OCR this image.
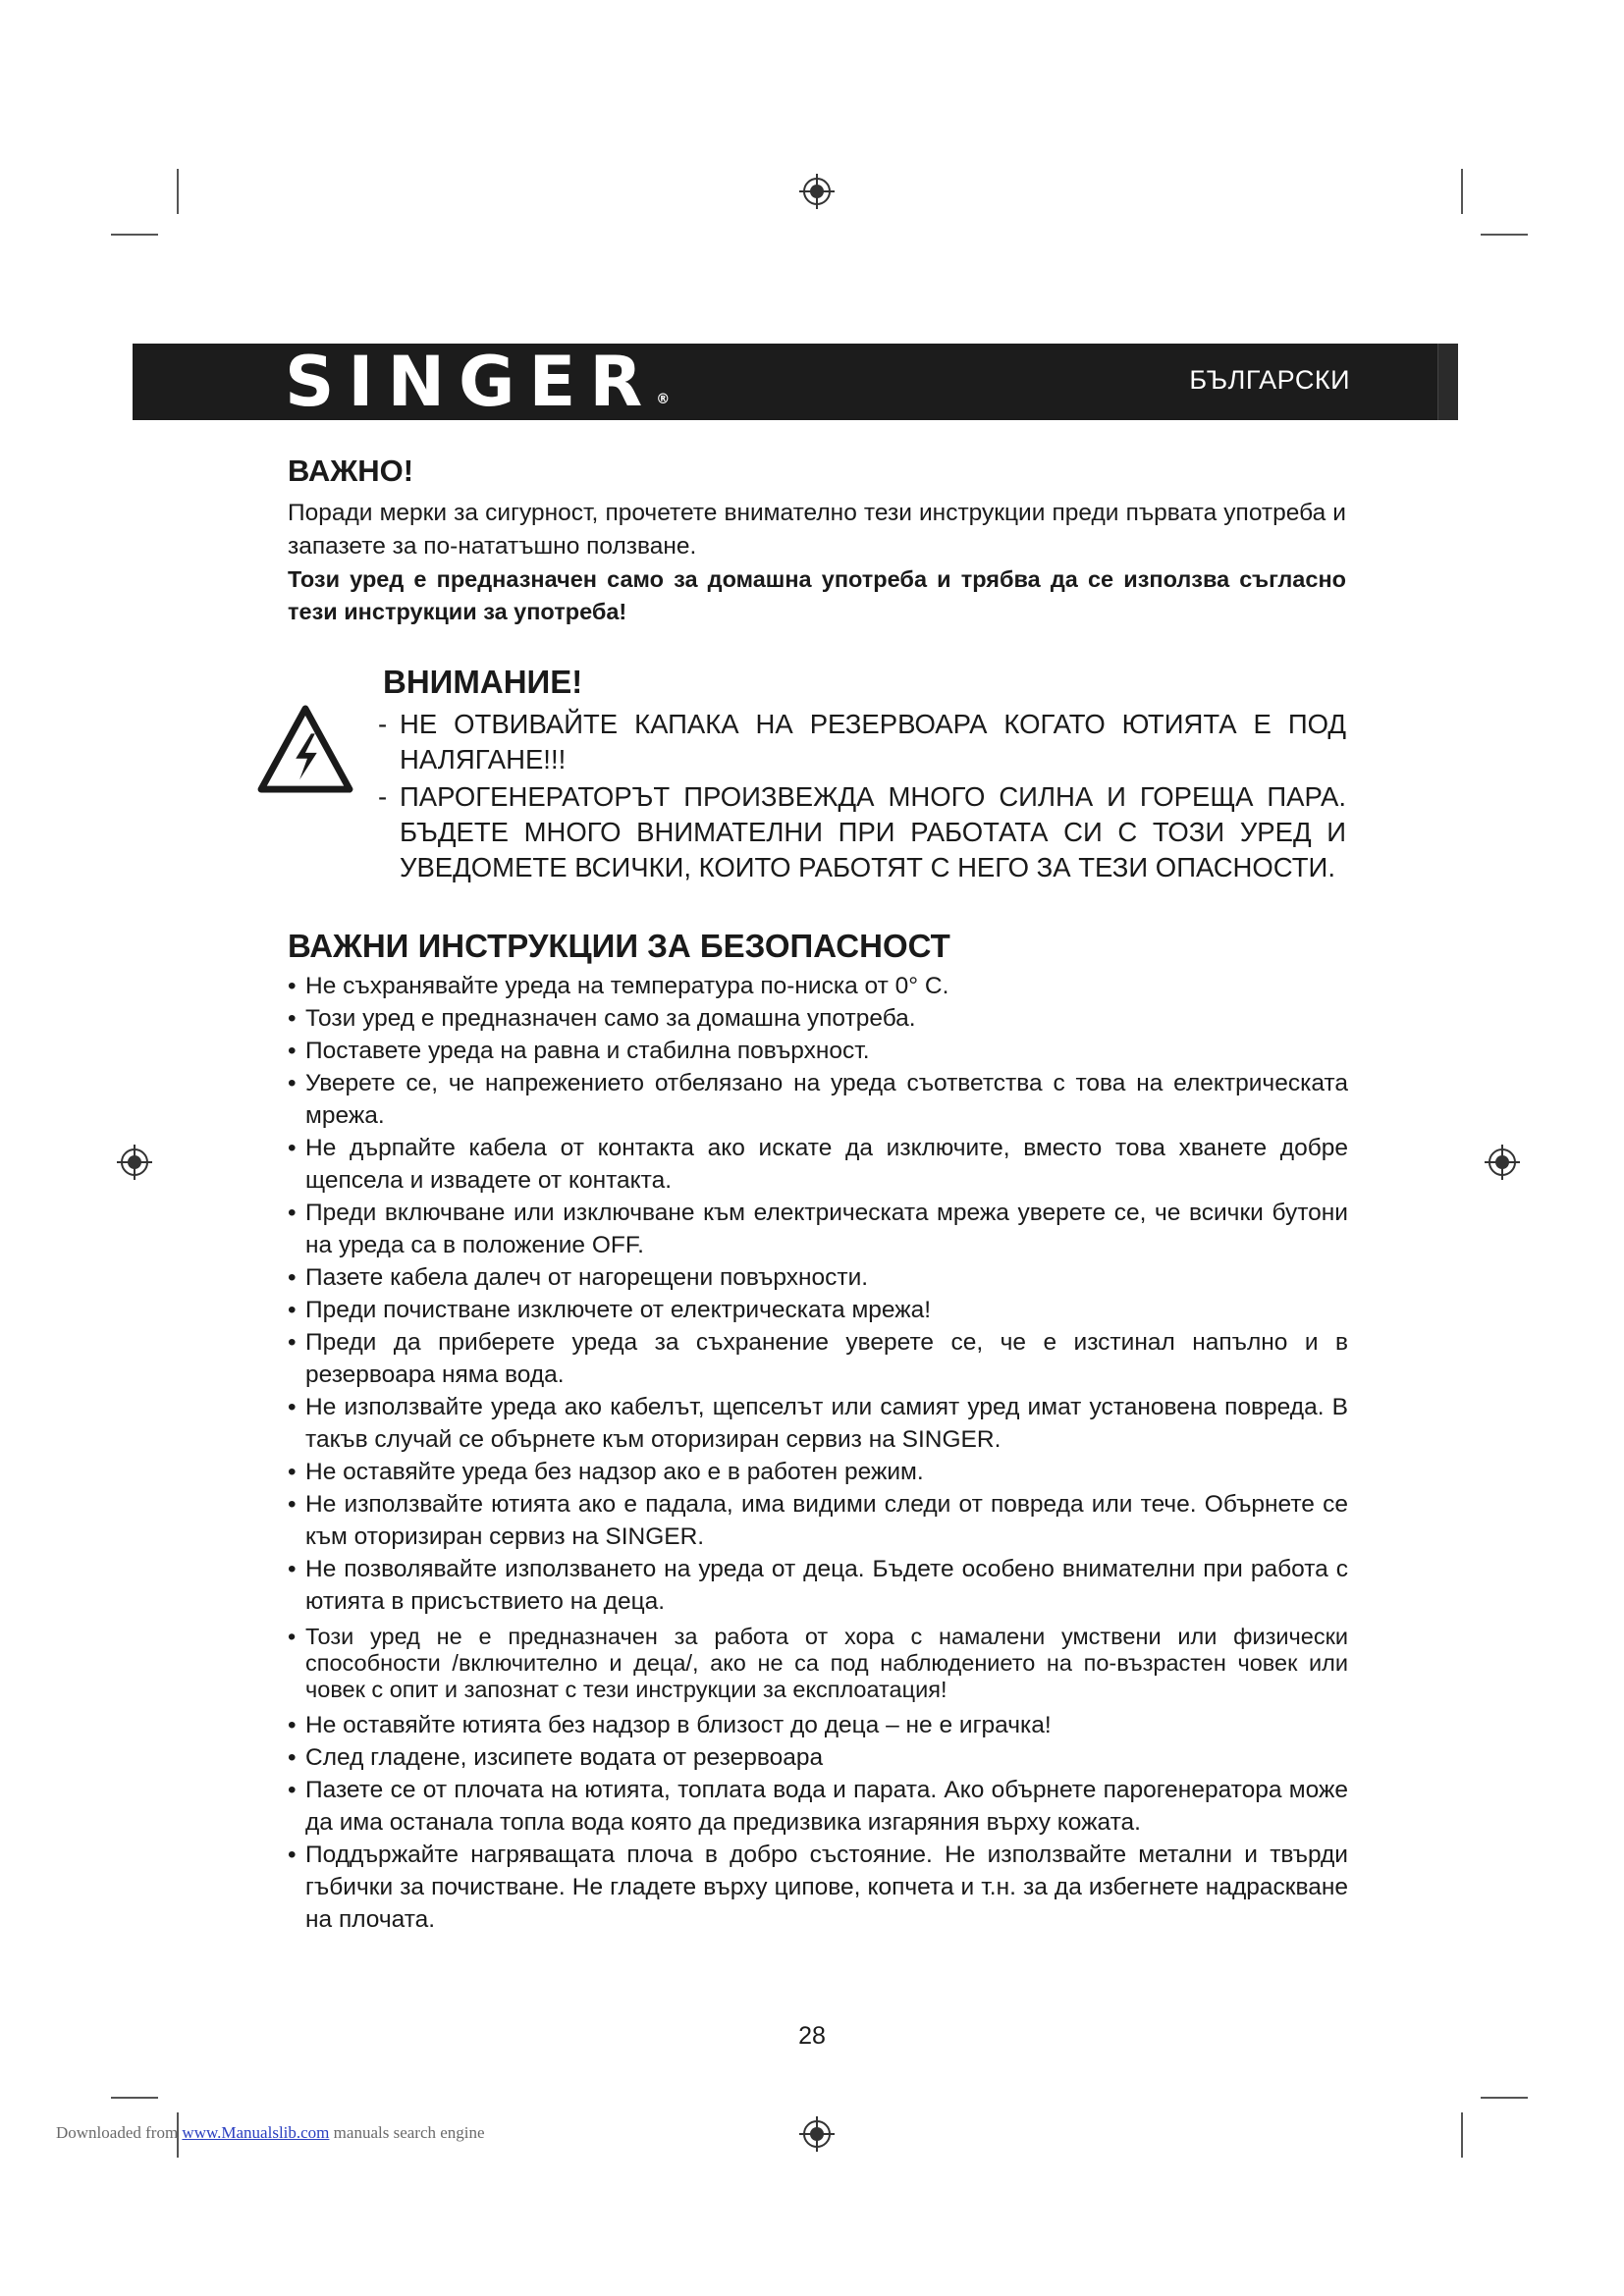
SINGER®
БЪЛГАРСКИ
ВАЖНО!

Поради мерки за сигурност, прочетете внимателно тези инструкции преди първата употреба и запазете за по-нататъшно ползване.

Този уред е предназначен само за домашна употреба и трябва да се използва съгласно тези инструкции за употреба!

ВНИМАНИЕ!
- НЕ ОТВИВАЙТЕ КАПАКА НА РЕЗЕРВОАРА КОГАТО ЮТИЯТА Е ПОД НАЛЯГАНЕ!!!
- ПАРОГЕНЕРАТОРЪТ ПРОИЗВЕЖДА МНОГО СИЛНА И ГОРЕЩА ПАРА. БЪДЕТЕ МНОГО ВНИМАТЕЛНИ ПРИ РАБОТАТА СИ С ТОЗИ УРЕД И УВЕДОМЕТЕ ВСИЧКИ, КОИТО РАБОТЯТ С НЕГО ЗА ТЕЗИ ОПАСНОСТИ.
ВАЖНИ ИНСТРУКЦИИ ЗА БЕЗОПАСНОСТ
• Не съхранявайте уреда на температура по-ниска от 0° С.
• Този уред е предназначен само за домашна употреба.
• Поставете уреда на равна и стабилна повърхност.
• Уверете се, че напрежението отбелязано на уреда съответства с това на електрическата мрежа.
• Не дърпайте кабела от контакта ако искате да изключите, вместо това хванете добре щепсела и извадете от контакта.
• Преди включване или изключване към електрическата мрежа уверете се, че всички бутони на уреда са в положение OFF.
• Пазете кабела далеч от нагорещени повърхности.
• Преди почистване изключете от електрическата мрежа!
• Преди да приберете уреда за съхранение уверете се, че е изстинал напълно и в резервоара няма вода.
• Не използвайте уреда ако кабелът, щепселът или самият уред имат установена повреда. В такъв случай се обърнете към оторизиран сервиз на SINGER.
• Не оставяйте уреда без надзор ако е в работен режим.
• Не използвайте ютията ако е падала, има видими следи от повреда или тече. Обърнете се към оторизиран сервиз на SINGER.
• Не позволявайте използването на уреда от деца. Бъдете особено внимателни при работа с ютията в присъствието на деца.
• Този уред не е предназначен за работа от хора с намалени умствени или физически способности /включително и деца/, ако не са под наблюдението на по-възрастен човек или човек с опит и запознат с тези инструкции за експлоатация!
• Не оставяйте ютията без надзор в близост до деца – не е играчка!
• След гладене, изсипете водата от резервоара
• Пазете се от плочата на ютията, топлата вода и парата. Ако обърнете парогенератора може да има останала топла вода която да предизвика изгаряния върху кожата.
• Поддържайте нагряващата плоча в добро състояние. Не използвайте метални и твърди гъбички за почистване. Не гладете върху ципове, копчета и т.н. за да избегнете надраскване на плочата.
28
Downloaded from www.Manualslib.com manuals search engine
